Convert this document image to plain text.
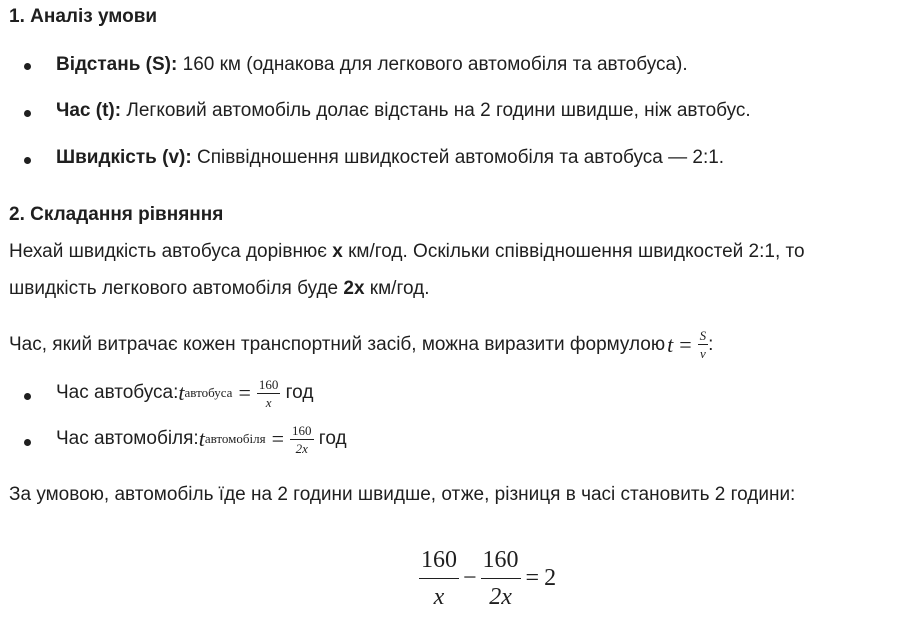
1. Аналіз умови
Відстань (S): 160 км (однакова для легкового автомобіля та автобуса).
Час (t): Легковий автомобіль долає відстань на 2 години швидше, ніж автобус.
Швидкість (v): Співвідношення швидкостей автомобіля та автобуса — 2:1.
2. Складання рівняння
Нехай швидкість автобуса дорівнює x км/год. Оскільки співвідношення швидкостей 2:1, то
швидкість легкового автомобіля буде 2x км/год.
Час, який витрачає кожен транспортний засіб, можна виразити формулою $t = \frac{S}{v}$ :
Час автобуса: t автобуса = $\frac{160}{x}$ год
Час автомобіля: t автомобіля = $\frac{160}{2x}$ год
За умовою, автомобіль їде на 2 години швидше, отже, різниця в часі становить 2 години:
$\frac{160}{x} - \frac{160}{2x} = 2$
